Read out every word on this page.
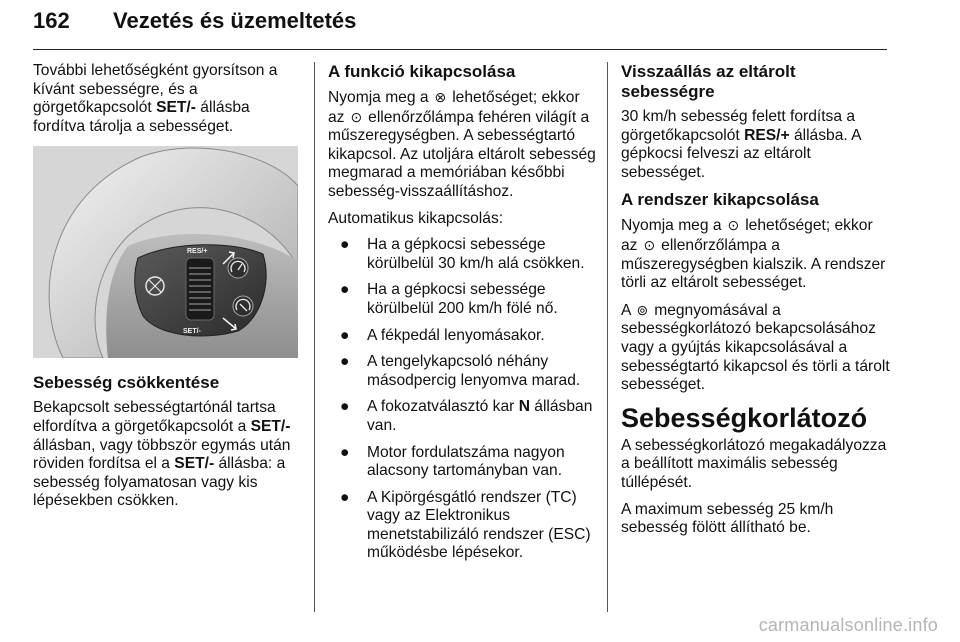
162 Vezetés és üzemeltetés

További lehetőségként gyorsítson a kívánt sebességre, és a görgetőkapcsolót SET/- állásba fordítva tárolja a sebességet.

RES/+
SET/-
Sebesség csökkentése

Bekapcsolt sebességtartónál tartsa elfordítva a görgetőkapcsolót a SET/- állásban, vagy többször egymás után röviden fordítsa el a SET/- állásba: a sebesség folyamatosan vagy kis lépésekben csökken.

A funkció kikapcsolása

Nyomja meg a ⊗ lehetőséget; ekkor az ⊙ ellenőrzőlámpa fehéren világít a műszeregységben. A sebességtartó kikapcsol. Az utoljára eltárolt sebesség megmarad a memóriában későbbi sebesség-visszaállításhoz.

Automatikus kikapcsolás:

● Ha a gépkocsi sebessége körülbelül 30 km/h alá csökken.
● Ha a gépkocsi sebessége körülbelül 200 km/h fölé nő.
● A fékpedál lenyomásakor.
● A tengelykapcsoló néhány másodpercig lenyomva marad.
● A fokozatválasztó kar N állásban van.
● Motor fordulatszáma nagyon alacsony tartományban van.
● A Kipörgésgátló rendszer (TC) vagy az Elektronikus menetstabilizáló rendszer (ESC) működésbe lépésekor.
Visszaállás az eltárolt sebességre

30 km/h sebesség felett fordítsa a görgetőkapcsolót RES/+ állásba. A gépkocsi felveszi az eltárolt sebességet.

A rendszer kikapcsolása

Nyomja meg a ⊙ lehetőséget; ekkor az ⊙ ellenőrzőlámpa a műszeregységben kialszik. A rendszer törli az eltárolt sebességet.

A ⊚ megnyomásával a sebességkorlátozó bekapcsolásához vagy a gyújtás kikapcsolásával a sebességtartó kikapcsol és törli a tárolt sebességet.

Sebességkorlátozó

A sebességkorlátozó megakadályozza a beállított maximális sebesség túllépését.

A maximum sebesség 25 km/h sebesség fölött állítható be.

carmanualsonline.info
